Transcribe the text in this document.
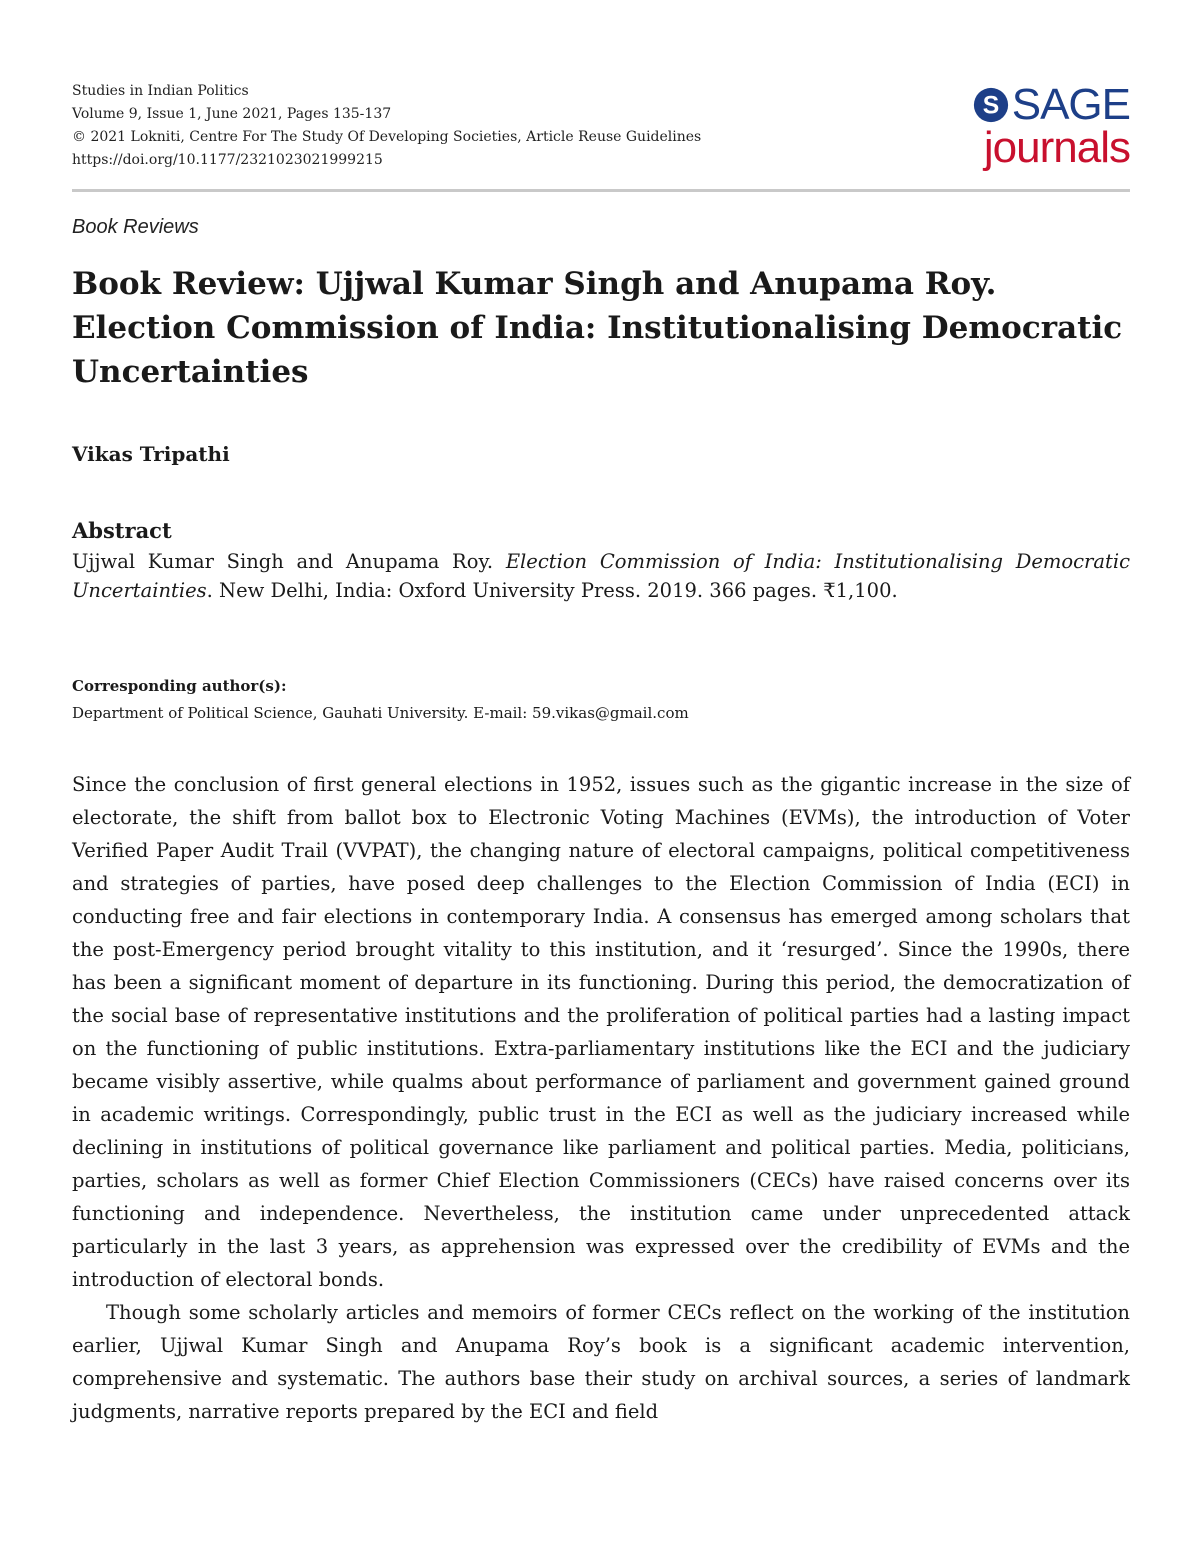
Studies in Indian Politics
Volume 9, Issue 1, June 2021, Pages 135-137
© 2021 Lokniti, Centre For The Study Of Developing Societies, Article Reuse Guidelines
https://doi.org/10.1177/2321023021999215
S SAGE
journals
Book Reviews
Book Review: Ujjwal Kumar Singh and Anupama Roy. Election Commission of India: Institutionalising Democratic Uncertainties
Vikas Tripathi
Abstract
Ujjwal Kumar Singh and Anupama Roy. Election Commission of India: Institutionalising Democratic Uncertainties. New Delhi, India: Oxford University Press. 2019. 366 pages. ₹1,100.
Corresponding author(s):
Department of Political Science, Gauhati University. E-mail: 59.vikas@gmail.com

Since the conclusion of first general elections in 1952, issues such as the gigantic increase in the size of electorate, the shift from ballot box to Electronic Voting Machines (EVMs), the introduction of Voter Verified Paper Audit Trail (VVPAT), the changing nature of electoral campaigns, political competitiveness and strategies of parties, have posed deep challenges to the Election Commission of India (ECI) in conducting free and fair elections in contemporary India. A consensus has emerged among scholars that the post-Emergency period brought vitality to this institution, and it ‘resurged’. Since the 1990s, there has been a significant moment of departure in its functioning. During this period, the democratization of the social base of representative institutions and the proliferation of political parties had a lasting impact on the functioning of public institutions. Extra-parliamentary institutions like the ECI and the judiciary became visibly assertive, while qualms about performance of parliament and government gained ground in academic writings. Correspondingly, public trust in the ECI as well as the judiciary increased while declining in institutions of political governance like parliament and political parties. Media, politicians, parties, scholars as well as former Chief Election Commissioners (CECs) have raised concerns over its functioning and independence. Nevertheless, the institution came under unprecedented attack particularly in the last 3 years, as apprehension was expressed over the credibility of EVMs and the introduction of electoral bonds.

Though some scholarly articles and memoirs of former CECs reflect on the working of the institution earlier, Ujjwal Kumar Singh and Anupama Roy’s book is a significant academic intervention, comprehensive and systematic. The authors base their study on archival sources, a series of landmark judgments, narrative reports prepared by the ECI and field
